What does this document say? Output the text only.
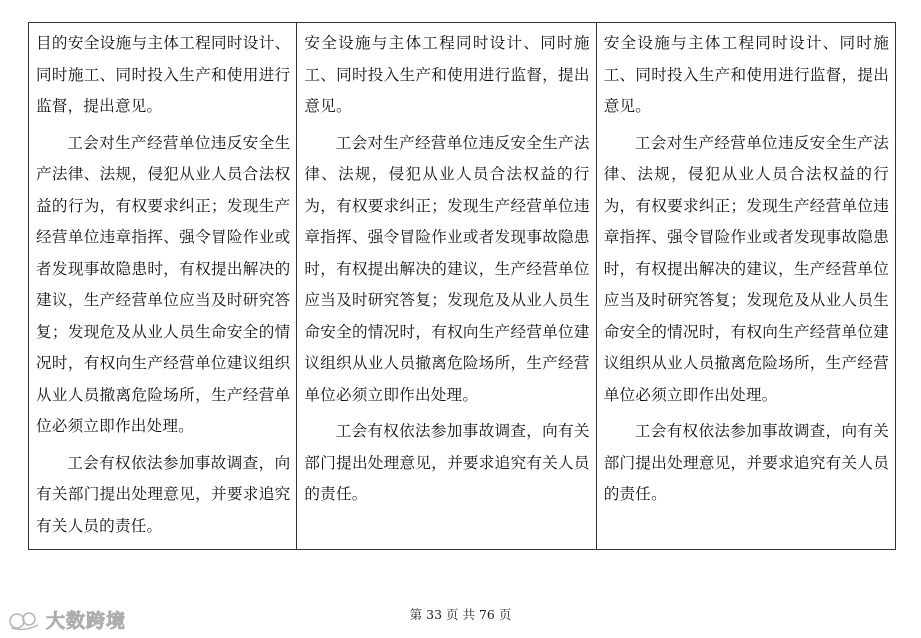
目的安全设施与主体工程同时设计、同时施工、同时投入生产和使用进行监督，提出意见。

工会对生产经营单位违反安全生产法律、法规，侵犯从业人员合法权益的行为，有权要求纠正；发现生产经营单位违章指挥、强令冒险作业或者发现事故隐患时，有权提出解决的建议，生产经营单位应当及时研究答复；发现危及从业人员生命安全的情况时，有权向生产经营单位建议组织从业人员撤离危险场所，生产经营单位必须立即作出处理。

工会有权依法参加事故调查，向有关部门提出处理意见，并要求追究有关人员的责任。

安全设施与主体工程同时设计、同时施工、同时投入生产和使用进行监督，提出意见。

工会对生产经营单位违反安全生产法律、法规，侵犯从业人员合法权益的行为，有权要求纠正；发现生产经营单位违章指挥、强令冒险作业或者发现事故隐患时，有权提出解决的建议，生产经营单位应当及时研究答复；发现危及从业人员生命安全的情况时，有权向生产经营单位建议组织从业人员撤离危险场所，生产经营单位必须立即作出处理。

工会有权依法参加事故调查，向有关部门提出处理意见，并要求追究有关人员的责任。

安全设施与主体工程同时设计、同时施工、同时投入生产和使用进行监督，提出意见。

工会对生产经营单位违反安全生产法律、法规，侵犯从业人员合法权益的行为，有权要求纠正；发现生产经营单位违章指挥、强令冒险作业或者发现事故隐患时，有权提出解决的建议，生产经营单位应当及时研究答复；发现危及从业人员生命安全的情况时，有权向生产经营单位建议组织从业人员撤离危险场所，生产经营单位必须立即作出处理。

工会有权依法参加事故调查，向有关部门提出处理意见，并要求追究有关人员的责任。

大数跨境	第 33 页 共 76 页
